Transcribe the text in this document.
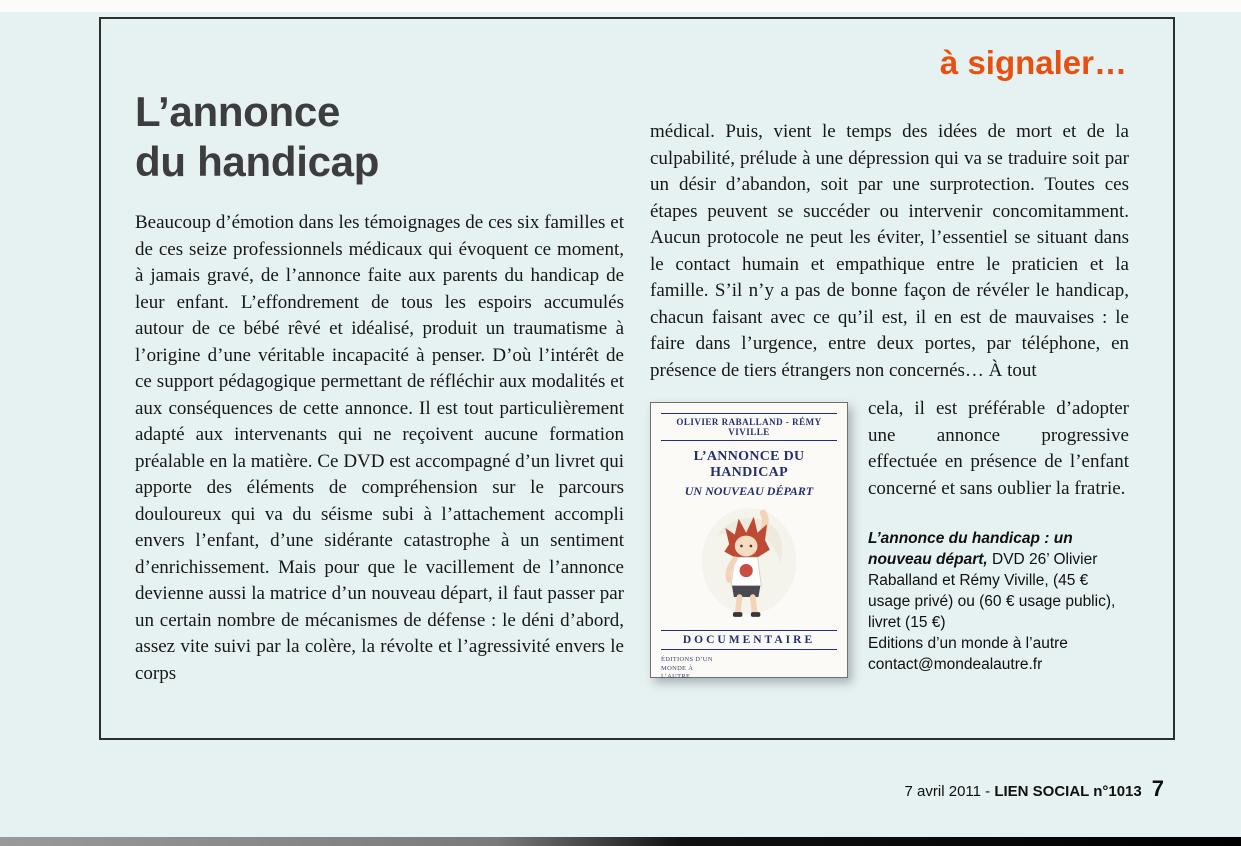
L’annonce
du handicap

Beaucoup d’émotion dans les témoignages de ces six familles et de ces seize professionnels médicaux qui évoquent ce moment, à jamais gravé, de l’annonce faite aux parents du handicap de leur enfant. L’effondrement de tous les espoirs accumulés autour de ce bébé rêvé et idéalisé, produit un traumatisme à l’origine d’une véritable incapacité à penser. D’où l’intérêt de ce support pédagogique permettant de réfléchir aux modalités et aux conséquences de cette annonce. Il est tout particulièrement adapté aux intervenants qui ne reçoivent aucune formation préalable en la matière. Ce DVD est accompagné d’un livret qui apporte des éléments de compréhension sur le parcours douloureux qui va du séisme subi à l’attachement accompli envers l’enfant, d’une sidérante catastrophe à un sentiment d’enrichissement. Mais pour que le vacillement de l’annonce devienne aussi la matrice d’un nouveau départ, il faut passer par un certain nombre de mécanismes de défense : le déni d’abord, assez vite suivi par la colère, la révolte et l’agressivité envers le corps

à signaler…

médical. Puis, vient le temps des idées de mort et de la culpabilité, prélude à une dépression qui va se traduire soit par un désir d’abandon, soit par une surprotection. Toutes ces étapes peuvent se succéder ou intervenir concomitamment. Aucun protocole ne peut les éviter, l’essentiel se situant dans le contact humain et empathique entre le praticien et la famille. S’il n’y a pas de bonne façon de révéler le handicap, chacun faisant avec ce qu’il est, il en est de mauvaises : le faire dans l’urgence, entre deux portes, par téléphone, en présence de tiers étrangers non concernés… À tout

OLIVIER RABALLAND - RÉMY VIVILLE
L’ANNONCE DU HANDICAP
UN NOUVEAU DÉPART
DOCUMENTAIRE
ÉDITIONS D’UN MONDE À L’AUTRE

cela, il est préférable d’adopter une annonce progressive effectuée en présence de l’enfant concerné et sans oublier la fratrie.

L’annonce du handicap : un nouveau départ, DVD 26’ Olivier Raballand et Rémy Viville, (45 € usage privé) ou (60 € usage public), livret (15 €)
Editions d’un monde à l’autre
contact@mondealautre.fr
7 avril 2011 - LIEN SOCIAL n°1013 7
